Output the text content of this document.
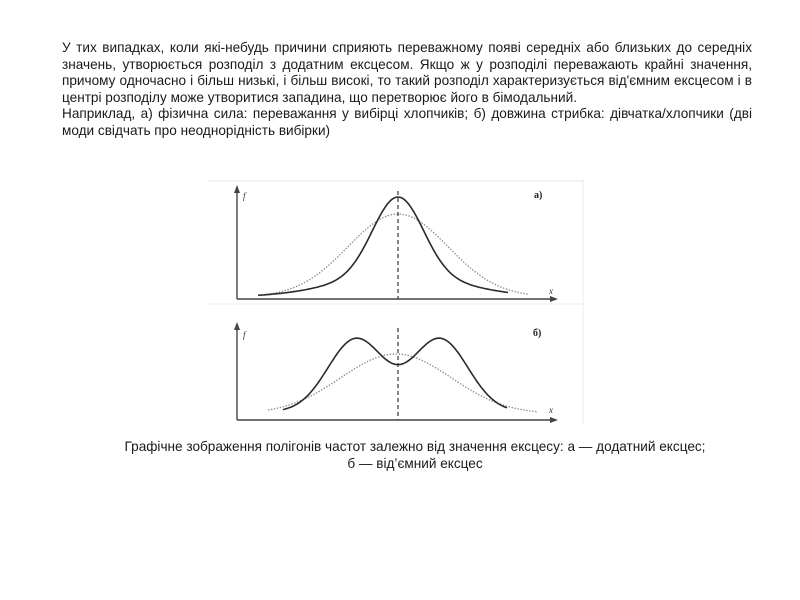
У тих випадках, коли які-небудь причини сприяють переважному появі середніх або близьких до середніх значень, утворюється розподіл з додатним ексцесом. Якщо ж у розподілі переважають крайні значення, причому одночасно і більш низькі, і більш високі, то такий розподіл характеризується від'ємним ексцесом і в центрі розподілу може утворитися западина, що перетворює його в бімодальний.

Наприклад, а) фізична сила: переважання у вибірці хлопчиків; б) довжина стрибка: дівчатка/хлопчики (дві моди свідчать про неоднорідність вибірки)

f
x
а)
f
x
б)
Графічне зображення полігонів частот залежно від значення ексцесу: а — додатний ексцес;
б — від’ємний ексцес
